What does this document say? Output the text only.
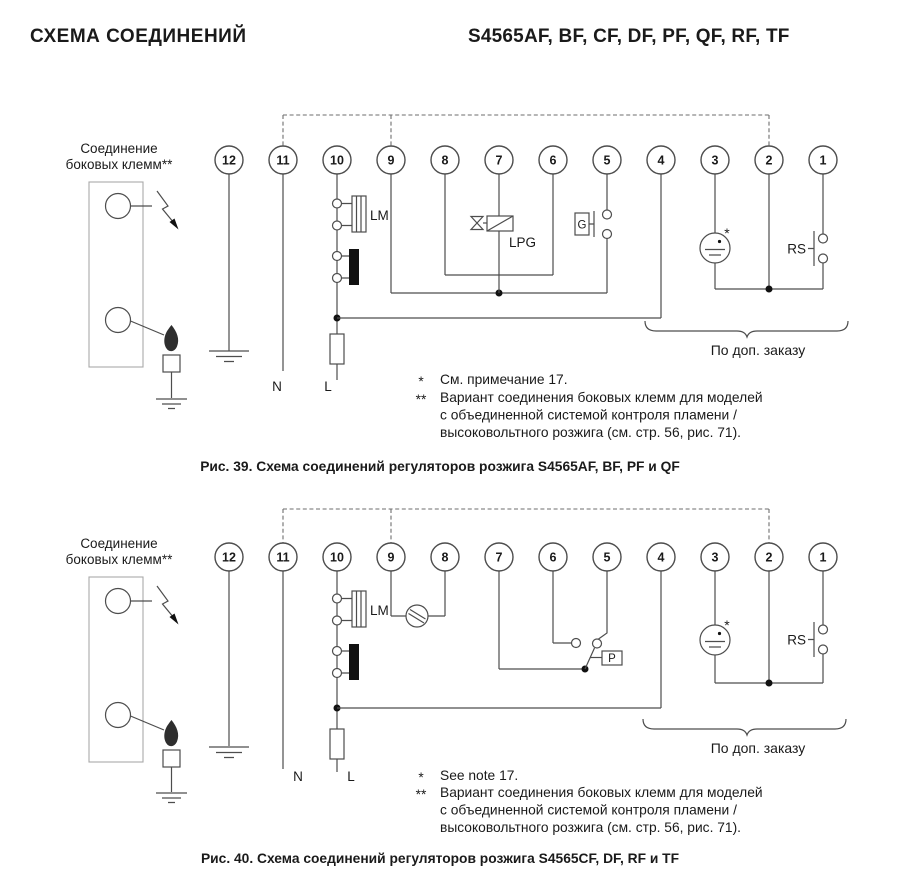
СХЕМА СОЕДИНЕНИЙ	S4565AF, BF, CF, DF, PF, QF, RF, TF
12	11	10	9	8	7	6	5	4	3	2	1
N
LM
L
LPG
G	*
RS
По доп. заказу
Соединение
боковых клемм**
* См. примечание 17.
** Вариант соединения боковых клемм для моделей
с объединенной системой контроля пламени /
высоковольтного розжига (см. стр. 56, рис. 71).
Рис. 39. Схема соединений регуляторов розжига S4565AF, BF, PF и QF
12	11	10	9	8	7	6	5	4	3	2	1
N
LM
L
P
*
RS
По доп. заказу
Соединение
боковых клемм**
* See note 17.
** Вариант соединения боковых клемм для моделей
с объединенной системой контроля пламени /
высоковольтного розжига (см. стр. 56, рис. 71).
Рис. 40. Схема соединений регуляторов розжига S4565CF, DF, RF и TF
